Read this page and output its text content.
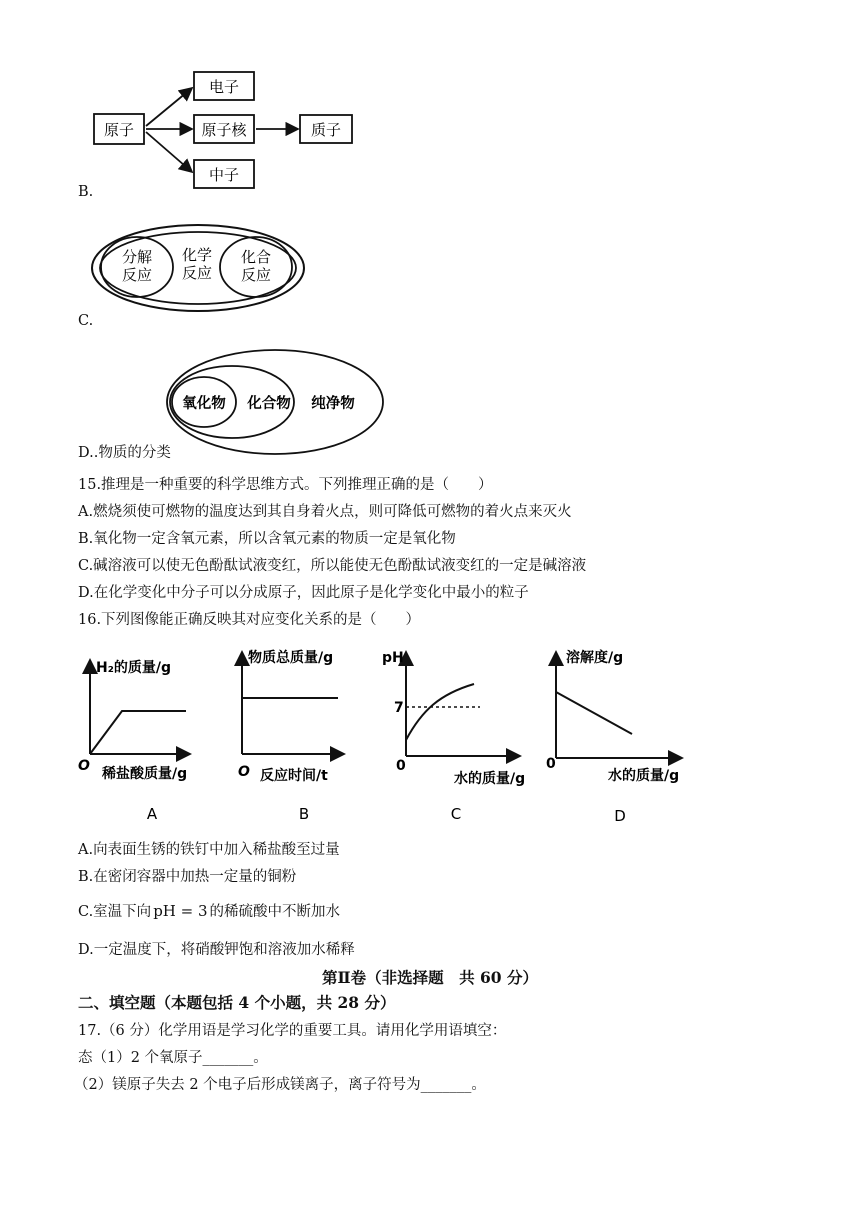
原子
电子
原子核	质子
中子
B.
分解
反应
化学
反应
化合
反应
C.
氧化物 化合物 纯净物
D..物质的分类
15.推理是一种重要的科学思维方式。下列推理正确的是（　　）
A.燃烧须使可燃物的温度达到其自身着火点，则可降低可燃物的着火点来灭火
B.氧化物一定含氧元素，所以含氧元素的物质一定是氧化物
C.碱溶液可以使无色酚酞试液变红，所以能使无色酚酞试液变红的一定是碱溶液
D.在化学变化中分子可以分成原子，因此原子是化学变化中最小的粒子
16.下列图像能正确反映其对应变化关系的是（　　）
H₂的质量/g
O 稀盐酸质量/g
A
物质总质量/g
O 反应时间/t
B
pH
7
0
水的质量/g
C
溶解度/g
0
水的质量/g
D
A.向表面生锈的铁钉中加入稀盐酸至过量
B.在密闭容器中加热一定量的铜粉
C.室温下向 pH = 3 的稀硫酸中不断加水
D.一定温度下，将硝酸钾饱和溶液加水稀释
第Ⅱ卷（非选择题　共 60 分）
二、填空题（本题包括 4 个小题，共 28 分）
17.（6 分）化学用语是学习化学的重要工具。请用化学用语填空：
态（1）2 个氧原子_______。
（2）镁原子失去 2 个电子后形成镁离子，离子符号为_______。
